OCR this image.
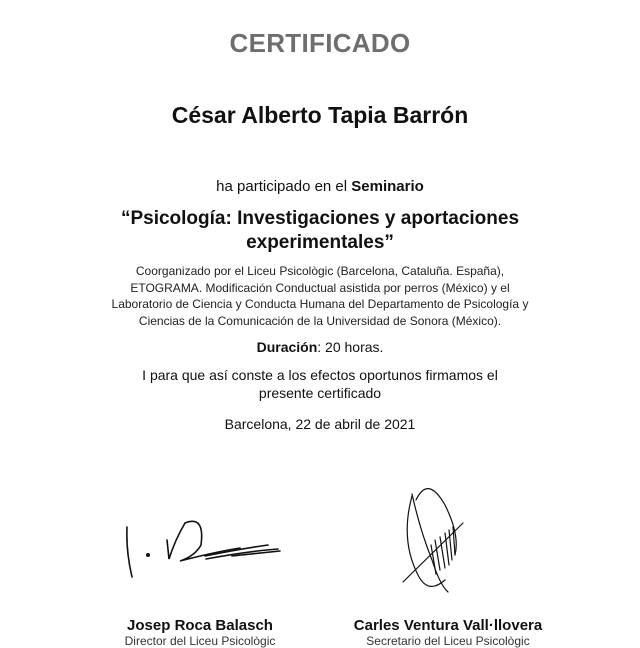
CERTIFICADO
César Alberto Tapia Barrón
ha participado en el Seminario
“Psicología: Investigaciones y aportaciones experimentales”
Coorganizado por el Liceu Psicològic (Barcelona, Cataluña. España), ETOGRAMA. Modificación Conductual asistida por perros (México) y el Laboratorio de Ciencia y Conducta Humana del Departamento de Psicología y Ciencias de la Comunicación de la Universidad de Sonora (México).
Duración: 20 horas.
I para que así conste a los efectos oportunos firmamos el presente certificado
Barcelona, 22 de abril de 2021
Josep Roca Balasch
Director del Liceu Psicològic
Carles Ventura Vall·llovera
Secretario del Liceu Psicològic
